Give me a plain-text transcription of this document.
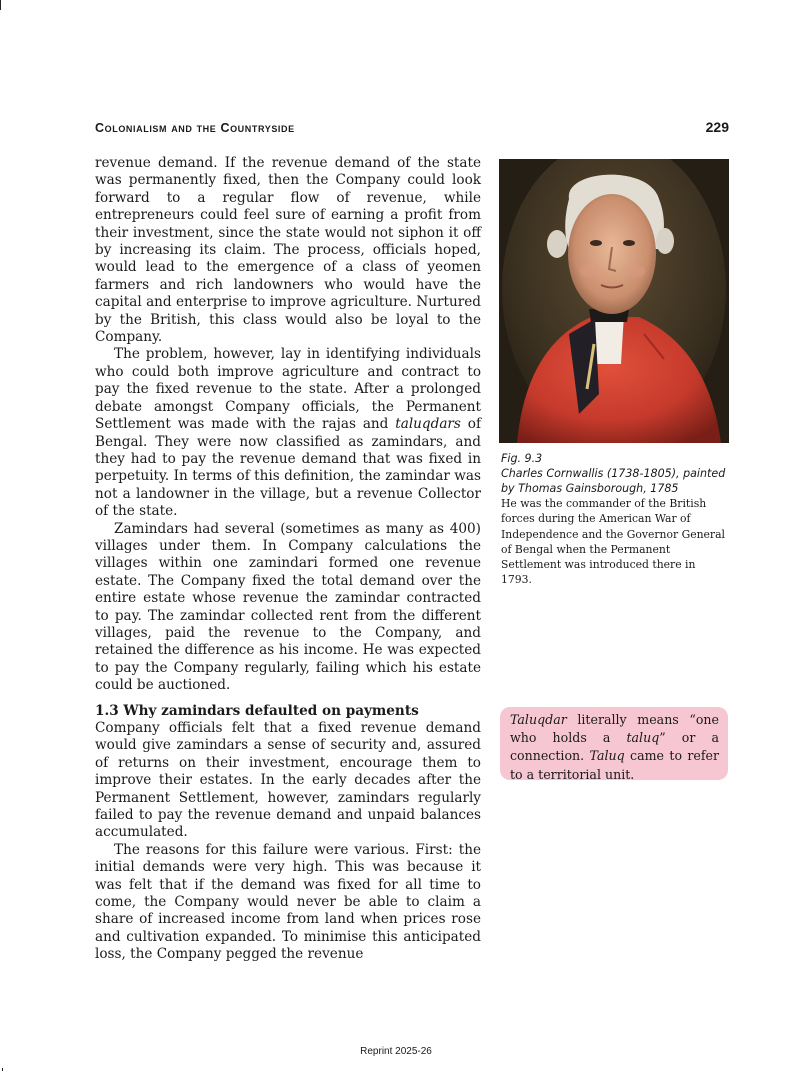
Colonialism and the Countryside	229

revenue demand. If the revenue demand of the state was permanently fixed, then the Company could look forward to a regular flow of revenue, while entrepreneurs could feel sure of earning a profit from their investment, since the state would not siphon it off by increasing its claim. The process, officials hoped, would lead to the emergence of a class of yeomen farmers and rich landowners who would have the capital and enterprise to improve agriculture. Nurtured by the British, this class would also be loyal to the Company.

The problem, however, lay in identifying individuals who could both improve agriculture and contract to pay the fixed revenue to the state. After a prolonged debate amongst Company officials, the Permanent Settlement was made with the rajas and taluqdars of Bengal. They were now classified as zamindars, and they had to pay the revenue demand that was fixed in perpetuity. In terms of this definition, the zamindar was not a landowner in the village, but a revenue Collector of the state.

Zamindars had several (sometimes as many as 400) villages under them. In Company calculations the villages within one zamindari formed one revenue estate. The Company fixed the total demand over the entire estate whose revenue the zamindar contracted to pay. The zamindar collected rent from the different villages, paid the revenue to the Company, and retained the difference as his income. He was expected to pay the Company regularly, failing which his estate could be auctioned.

1.3 Why zamindars defaulted on payments

Company officials felt that a fixed revenue demand would give zamindars a sense of security and, assured of returns on their investment, encourage them to improve their estates. In the early decades after the Permanent Settlement, however, zamindars regularly failed to pay the revenue demand and unpaid balances accumulated.

The reasons for this failure were various. First: the initial demands were very high. This was because it was felt that if the demand was fixed for all time to come, the Company would never be able to claim a share of increased income from land when prices rose and cultivation expanded. To minimise this anticipated loss, the Company pegged the revenue

Fig. 9.3

Charles Cornwallis (1738-1805), painted by Thomas Gainsborough, 1785

He was the commander of the British forces during the American War of Independence and the Governor General of Bengal when the Permanent Settlement was introduced there in 1793.

Taluqdar literally means “one who holds a taluq” or a connection. Taluq came to refer to a territorial unit.
Reprint 2025-26
